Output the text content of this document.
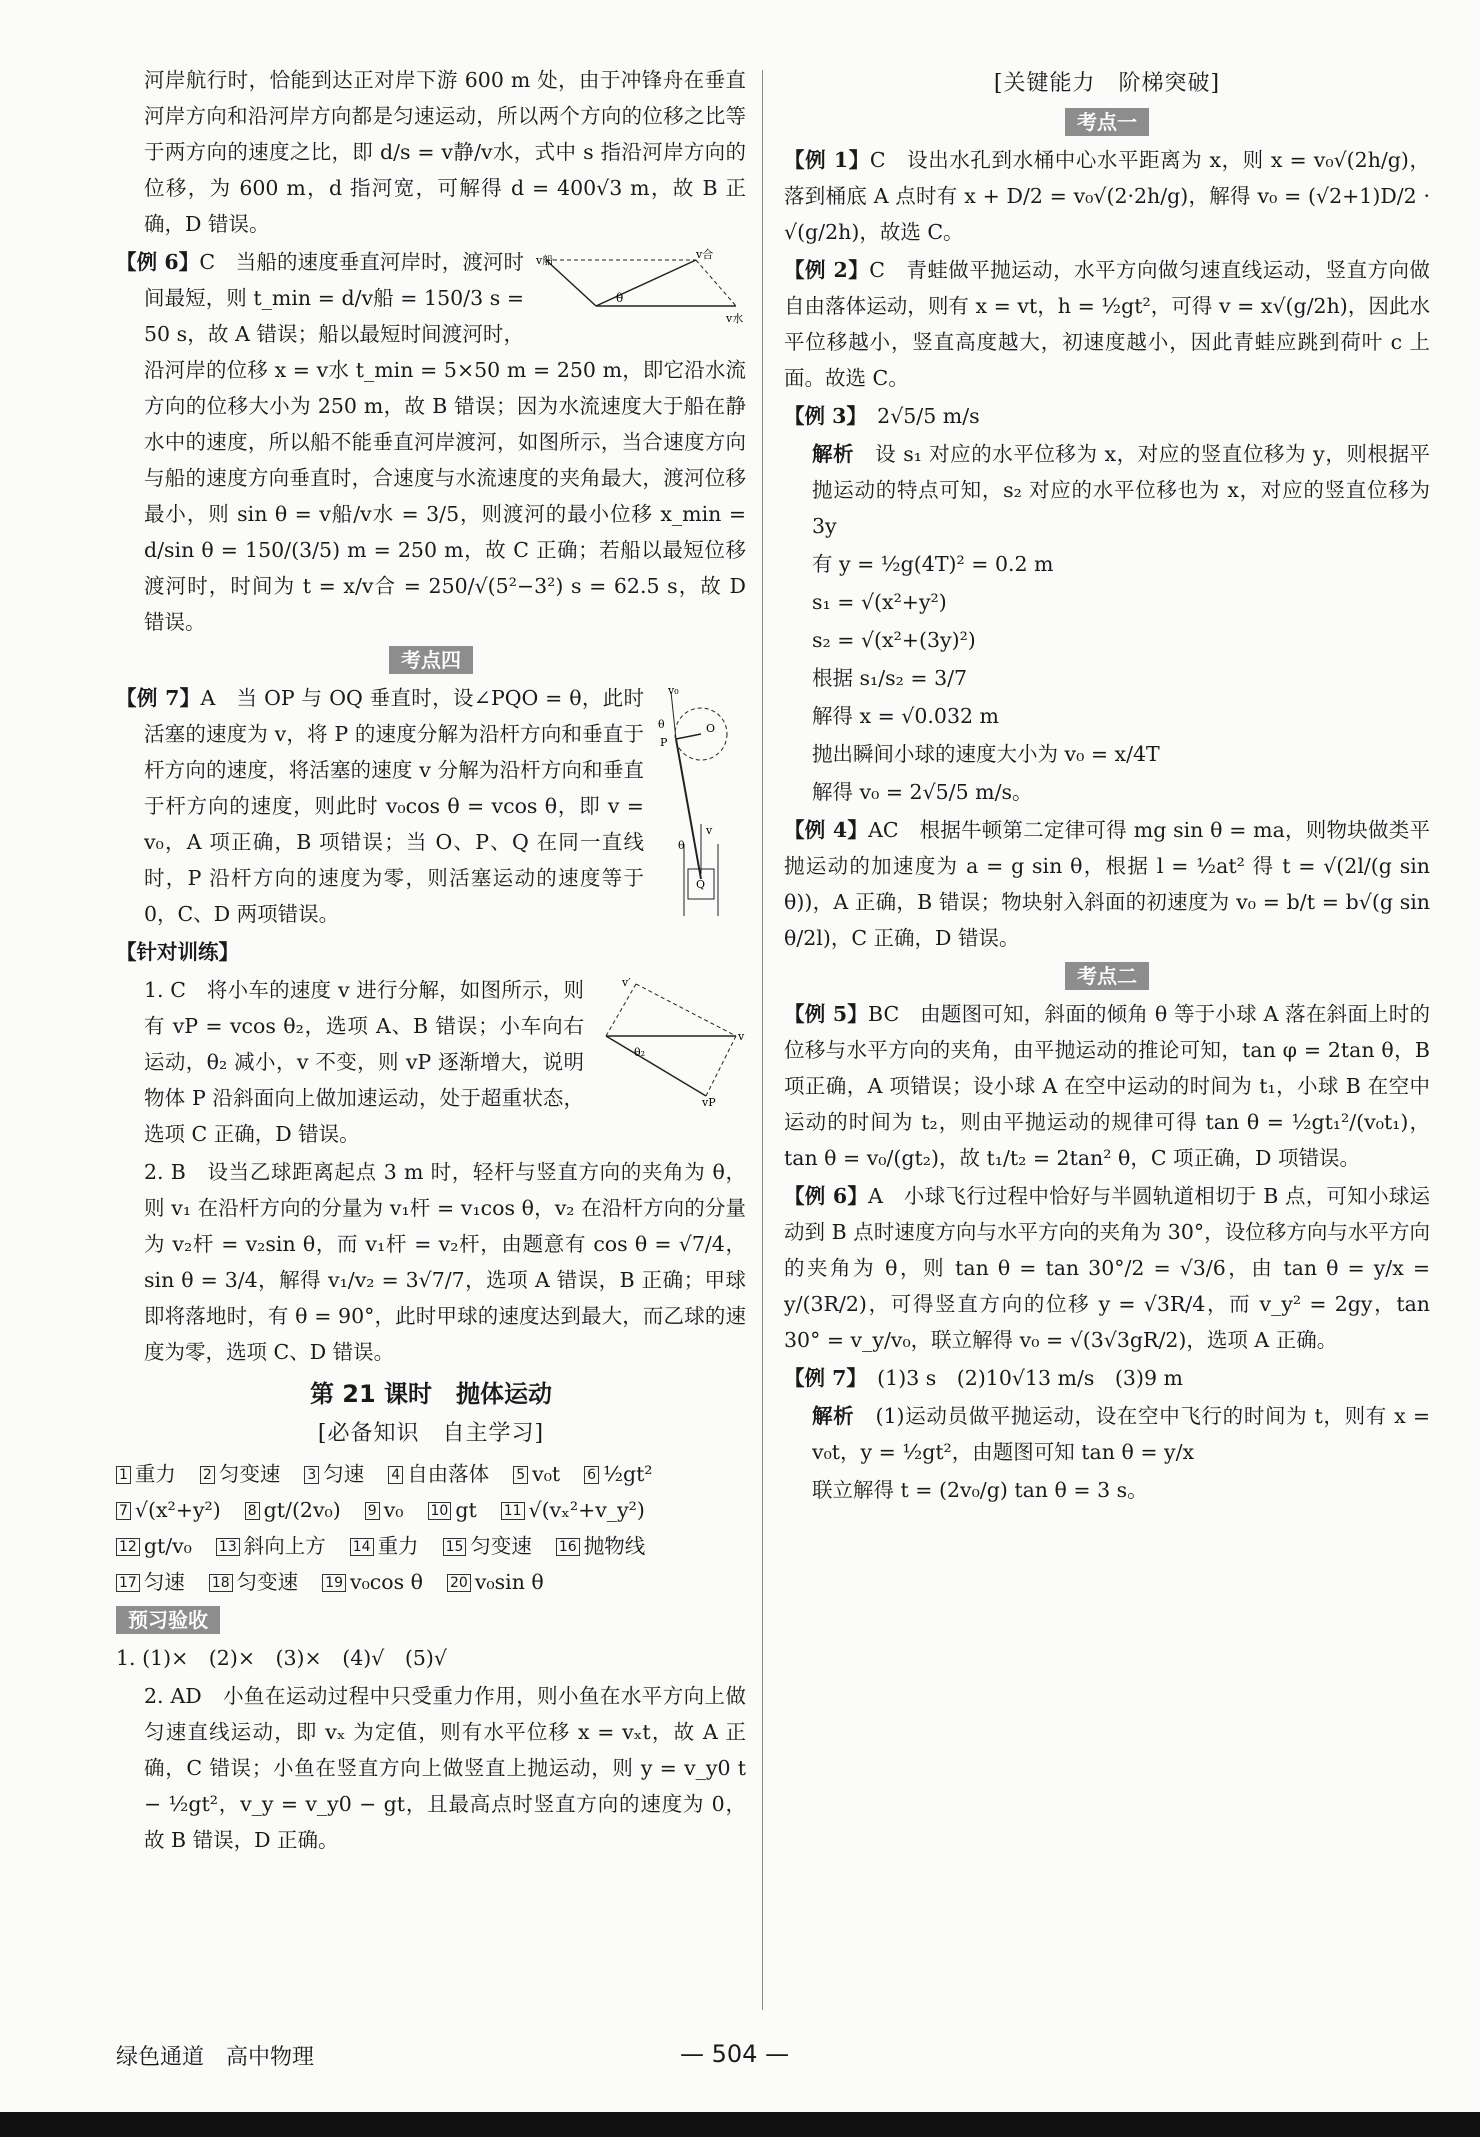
河岸航行时，恰能到达正对岸下游 600 m 处，由于冲锋舟在垂直河岸方向和沿河岸方向都是匀速运动，所以两个方向的位移之比等于两方向的速度之比，即 d/s = v静/v水，式中 s 指沿河岸方向的位移，为 600 m，d 指河宽，可解得 d = 400√3 m，故 B 正确，D 错误。

v船	v合
θ
v水
【例 6】C　当船的速度垂直河岸时，渡河时间最短，则 t_min = d/v船 = 150/3 s = 50 s，故 A 错误；船以最短时间渡河时，沿河岸的位移 x = v水 t_min = 5×50 m = 250 m，即它沿水流方向的位移大小为 250 m，故 B 错误；因为水流速度大于船在静水中的速度，所以船不能垂直河岸渡河，如图所示，当合速度方向与船的速度方向垂直时，合速度与水流速度的夹角最大，渡河位移最小，则 sin θ = v船/v水 = 3/5，则渡河的最小位移 x_min = d/sin θ = 150/(3/5) m = 250 m，故 C 正确；若船以最短位移渡河时，时间为 t = x/v合 = 250/√(5²−3²) s = 62.5 s，故 D 错误。
考点四
v₀
θ
P
O
v
θ
Q
【例 7】A　当 OP 与 OQ 垂直时，设∠PQO = θ，此时活塞的速度为 v，将 P 的速度分解为沿杆方向和垂直于杆方向的速度，将活塞的速度 v 分解为沿杆方向和垂直于杆方向的速度，则此时 v₀cos θ = vcos θ，即 v = v₀，A 项正确，B 项错误；当 O、P、Q 在同一直线时，P 沿杆方向的速度为零，则活塞运动的速度等于 0，C、D 两项错误。
【针对训练】
v′
θ₂
v
vP
1. C　将小车的速度 v 进行分解，如图所示，则有 vP = vcos θ₂，选项 A、B 错误；小车向右运动，θ₂ 减小，v 不变，则 vP 逐渐增大，说明物体 P 沿斜面向上做加速运动，处于超重状态，选项 C 正确，D 错误。
2. B　设当乙球距离起点 3 m 时，轻杆与竖直方向的夹角为 θ，则 v₁ 在沿杆方向的分量为 v₁杆 = v₁cos θ，v₂ 在沿杆方向的分量为 v₂杆 = v₂sin θ，而 v₁杆 = v₂杆，由题意有 cos θ = √7/4，sin θ = 3/4，解得 v₁/v₂ = 3√7/7，选项 A 错误，B 正确；甲球即将落地时，有 θ = 90°，此时甲球的速度达到最大，而乙球的速度为零，选项 C、D 错误。
第 21 课时　抛体运动
[必备知识　自主学习]
1 重力 2 匀变速 3 匀速 4 自由落体 5 v₀t 6 ½gt²
7 √(x²+y²) 8 gt/(2v₀) 9 v₀ 10 gt 11 √(vₓ²+v_y²)
12 gt/v₀ 13 斜向上方 14 重力 15 匀变速 16 抛物线
17 匀速 18 匀变速 19 v₀cos θ 20 v₀sin θ
预习验收
1. (1)×　(2)×　(3)×　(4)√　(5)√
2. AD　小鱼在运动过程中只受重力作用，则小鱼在水平方向上做匀速直线运动，即 vₓ 为定值，则有水平位移 x = vₓt，故 A 正确，C 错误；小鱼在竖直方向上做竖直上抛运动，则 y = v_y0 t − ½gt²，v_y = v_y0 − gt，且最高点时竖直方向的速度为 0，故 B 错误，D 正确。
[关键能力　阶梯突破]
考点一
【例 1】C　设出水孔到水桶中心水平距离为 x，则 x = v₀√(2h/g)，落到桶底 A 点时有 x + D/2 = v₀√(2·2h/g)，解得 v₀ = (√2+1)D/2 · √(g/2h)，故选 C。
【例 2】C　青蛙做平抛运动，水平方向做匀速直线运动，竖直方向做自由落体运动，则有 x = vt，h = ½gt²，可得 v = x√(g/2h)，因此水平位移越小，竖直高度越大，初速度越小，因此青蛙应跳到荷叶 c 上面。故选 C。
【例 3】　 2√5/5 m/s
解析　 设 s₁ 对应的水平位移为 x，对应的竖直位移为 y，则根据平抛运动的特点可知，s₂ 对应的水平位移也为 x，对应的竖直位移为 3y
有 y = ½g(4T)² = 0.2 m
s₁ = √(x²+y²)
s₂ = √(x²+(3y)²)
根据 s₁/s₂ = 3/7
解得 x = √0.032 m
抛出瞬间小球的速度大小为 v₀ = x/4T
解得 v₀ = 2√5/5 m/s。
【例 4】AC　根据牛顿第二定律可得 mg sin θ = ma，则物块做类平抛运动的加速度为 a = g sin θ，根据 l = ½at² 得 t = √(2l/(g sin θ))，A 正确，B 错误；物块射入斜面的初速度为 v₀ = b/t = b√(g sin θ/2l)，C 正确，D 错误。
考点二
【例 5】BC　由题图可知，斜面的倾角 θ 等于小球 A 落在斜面上时的位移与水平方向的夹角，由平抛运动的推论可知，tan φ = 2tan θ，B 项正确，A 项错误；设小球 A 在空中运动的时间为 t₁，小球 B 在空中运动的时间为 t₂，则由平抛运动的规律可得 tan θ = ½gt₁²/(v₀t₁)，tan θ = v₀/(gt₂)，故 t₁/t₂ = 2tan² θ，C 项正确，D 项错误。
【例 6】A　小球飞行过程中恰好与半圆轨道相切于 B 点，可知小球运动到 B 点时速度方向与水平方向的夹角为 30°，设位移方向与水平方向的夹角为 θ，则 tan θ = tan 30°/2 = √3/6，由 tan θ = y/x = y/(3R/2)，可得竖直方向的位移 y = √3R/4，而 v_y² = 2gy，tan 30° = v_y/v₀，联立解得 v₀ = √(3√3gR/2)，选项 A 正确。
【例 7】　 (1)3 s　(2)10√13 m/s　(3)9 m
解析　 (1)运动员做平抛运动，设在空中飞行的时间为 t，则有 x = v₀t，y = ½gt²，由题图可知 tan θ = y/x
联立解得 t = (2v₀/g) tan θ = 3 s。
绿色通道　高中物理	— 504 —
